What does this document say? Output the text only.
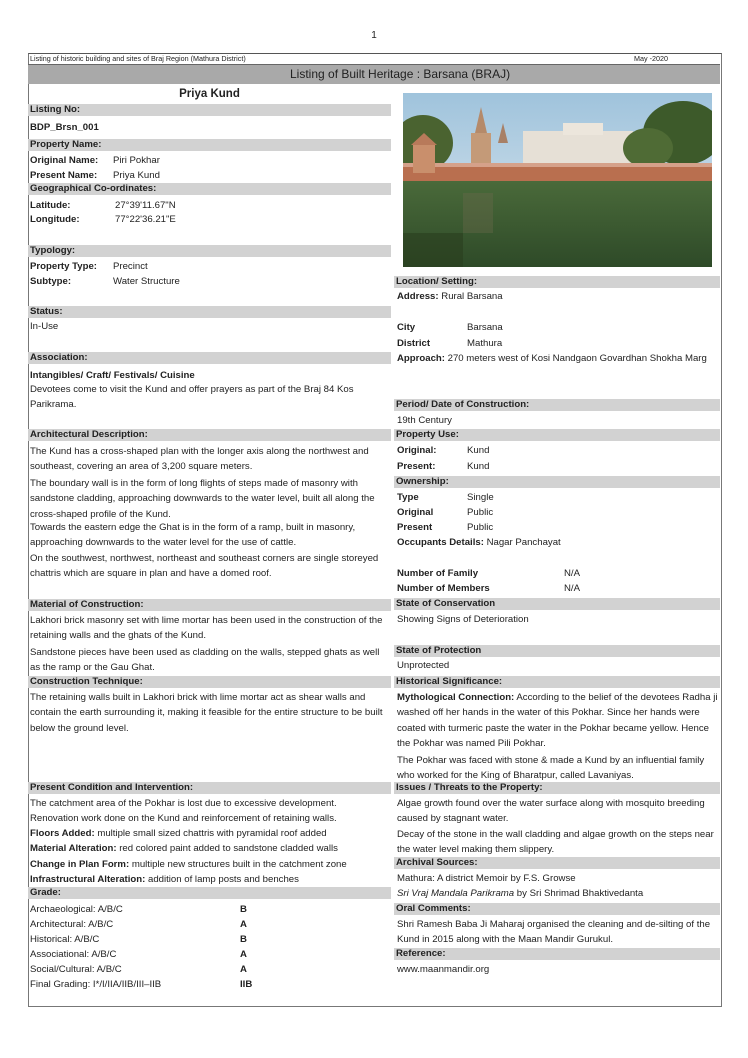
1
Listing of historic building and sites of Braj Region (Mathura District)	May -2020
Listing of Built Heritage : Barsana (BRAJ)
Priya Kund
Listing No:
BDP_Brsn_001
Property Name:
Original Name: Piri Pokhar
Present Name: Priya Kund
Geographical Co-ordinates:
Latitude:	27°39'11.67"N
Longitude:	77°22'36.21"E
Typology:
Property Type: Precinct
Subtype:	Water Structure
Status:
In-Use
Association:
Intangibles/ Craft/ Festivals/ Cuisine
Devotees come to visit the Kund and offer prayers as part of the Braj 84 Kos Parikrama.
Architectural Description:
The Kund has a cross-shaped plan with the longer axis along the northwest and southeast, covering an area of 3,200 square meters.
The boundary wall is in the form of long flights of steps made of masonry with sandstone cladding, approaching downwards to the water level, built all along the cross-shaped profile of the Kund.
Towards the eastern edge the Ghat is in the form of a ramp, built in masonry, approaching downwards to the water level for the use of cattle.
On the southwest, northwest, northeast and southeast corners are single storeyed chattris which are square in plan and have a domed roof.
Material of Construction:
Lakhori brick masonry set with lime mortar has been used in the construction of the retaining walls and the ghats of the Kund.
Sandstone pieces have been used as cladding on the walls, stepped ghats as well as the ramp or the Gau Ghat.
Construction Technique:
The retaining walls built in Lakhori brick with lime mortar act as shear walls and contain the earth surrounding it, making it feasible for the entire structure to be built below the ground level.
Present Condition and Intervention:
The catchment area of the Pokhar is lost due to excessive development.
Renovation work done on the Kund and reinforcement of retaining walls.
Floors Added: multiple small sized chattris with pyramidal roof added
Material Alteration: red colored paint added to sandstone cladded walls
Change in Plan Form: multiple new structures built in the catchment zone
Infrastructural Alteration: addition of lamp posts and benches
Grade:
Archaeological: A/B/C	B
Architectural: A/B/C	A
Historical: A/B/C	B
Associational: A/B/C	A
Social/Cultural: A/B/C	A
Final Grading: I*/I/IIA/IIB/III–IIB	IIB
Location/ Setting:
Address: Rural Barsana
City	Barsana
District	Mathura
Approach: 270 meters west of Kosi Nandgaon Govardhan Shokha Marg
Period/ Date of Construction:
19th Century
Property Use:
Original:	Kund
Present:	Kund
Ownership:
Type	Single
Original	Public
Present	Public
Occupants Details: Nagar Panchayat
Number of Family	N/A
Number of Members	N/A
State of Conservation
Showing Signs of Deterioration
State of Protection
Unprotected
Historical Significance:
Mythological Connection: According to the belief of the devotees Radha ji washed off her hands in the water of this Pokhar. Since her hands were coated with turmeric paste the water in the Pokhar became yellow. Hence the Pokhar was named Pili Pokhar.
The Pokhar was faced with stone & made a Kund by an influential family who worked for the King of Bharatpur, called Lavaniyas.
Issues / Threats to the Property:
Algae growth found over the water surface along with mosquito breeding caused by stagnant water.
Decay of the stone in the wall cladding and algae growth on the steps near the water level making them slippery.
Archival Sources:
Mathura: A district Memoir by F.S. Growse
Sri Vraj Mandala Parikrama by Sri Shrimad Bhaktivedanta
Oral Comments:
Shri Ramesh Baba Ji Maharaj organised the cleaning and de-silting of the Kund in 2015 along with the Maan Mandir Gurukul.
Reference:
www.maanmandir.org
